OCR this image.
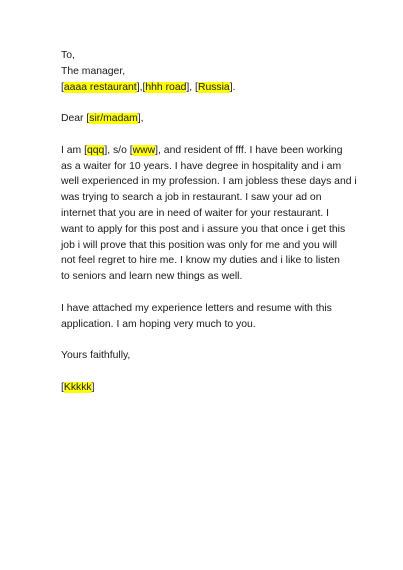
To,
The manager,
[aaaa restaurant],[hhh road], [Russia].
Dear [sir/madam],
I am [qqq], s/o [www], and resident of fff. I have been working
as a waiter for 10 years. I have degree in hospitality and i am
well experienced in my profession. I am jobless these days and i
was trying to search a job in restaurant. I saw your ad on
internet that you are in need of waiter for your restaurant. I
want to apply for this post and i assure you that once i get this
job i will prove that this position was only for me and you will
not feel regret to hire me. I know my duties and i like to listen
to seniors and learn new things as well.
I have attached my experience letters and resume with this
application. I am hoping very much to you.
Yours faithfully,
[Kkkkk]
